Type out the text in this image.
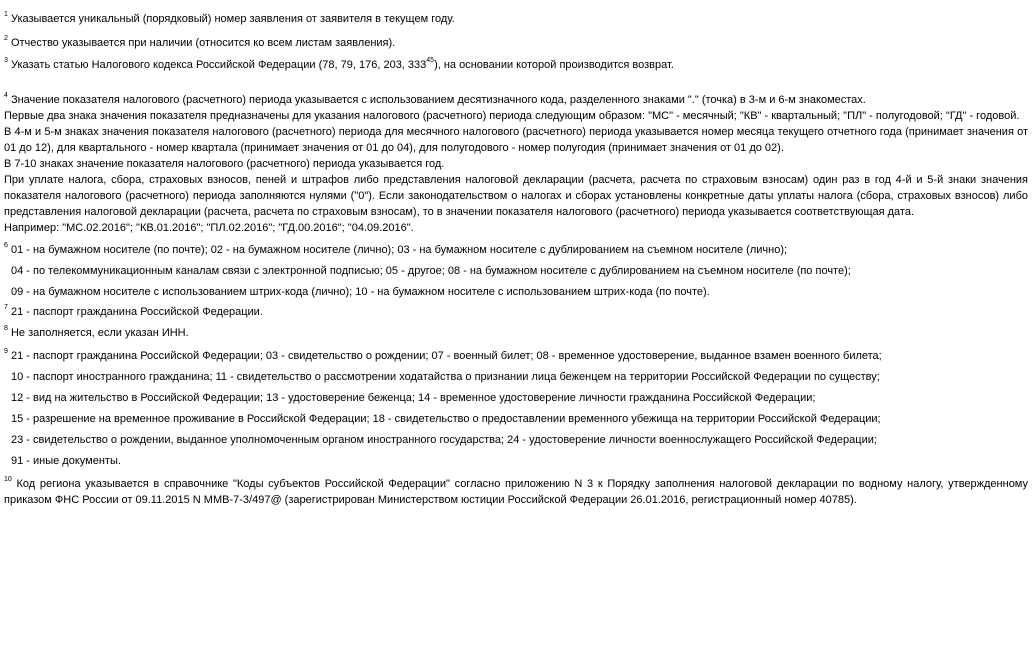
$^1$ Указывается уникальный (порядковый) номер заявления от заявителя в текущем году.

$^2$ Отчество указывается при наличии (относится ко всем листам заявления).

$^3$ Указать статью Налогового кодекса Российской Федерации (78, 79, 176, 203, $333^{45}$), на основании которой производится возврат.

$^4$ Значение показателя налогового (расчетного) периода указывается с использованием десятизначного кода, разделенного знаками "." (точка) в 3-м и 6-м знакоместах.
Первые два знака значения показателя предназначены для указания налогового (расчетного) периода следующим образом: "МС" - месячный; "КВ" - квартальный; "ПЛ" - полугодовой; "ГД" - годовой.
В 4-м и 5-м знаках значения показателя налогового (расчетного) периода для месячного налогового (расчетного) периода указывается номер месяца текущего отчетного года (принимает значения от 01 до 12), для квартального - номер квартала (принимает значения от 01 до 04), для полугодового - номер полугодия (принимает значения от 01 до 02).
В 7-10 знаках значение показателя налогового (расчетного) периода указывается год.
При уплате налога, сбора, страховых взносов, пеней и штрафов либо представления налоговой декларации (расчета, расчета по страховым взносам) один раз в год 4-й и 5-й знаки значения показателя налогового (расчетного) периода заполняются нулями ("0"). Если законодательством о налогах и сборах установлены конкретные даты уплаты налога (сбора, страховых взносов) либо представления налоговой декларации (расчета, расчета по страховым взносам), то в значении показателя налогового (расчетного) периода указывается соответствующая дата.
Например: "МС.02.2016"; "КВ.01.2016"; "ПЛ.02.2016"; "ГД.00.2016"; "04.09.2016".
$^6$ 01 - на бумажном носителе (по почте); 02 - на бумажном носителе (лично); 03 - на бумажном носителе с дублированием на съемном носителе (лично);
04 - по телекоммуникационным каналам связи с электронной подписью; 05 - другое; 08 - на бумажном носителе с дублированием на съемном носителе (по почте);
09 - на бумажном носителе с использованием штрих-кода (лично); 10 - на бумажном носителе с использованием штрих-кода (по почте).

$^7$ 21 - паспорт гражданина Российской Федерации.

$^8$ Не заполняется, если указан ИНН.

$^9$ 21 - паспорт гражданина Российской Федерации; 03 - свидетельство о рождении; 07 - военный билет; 08 - временное удостоверение, выданное взамен военного билета;
10 - паспорт иностранного гражданина; 11 - свидетельство о рассмотрении ходатайства о признании лица беженцем на территории Российской Федерации по существу;
12 - вид на жительство в Российской Федерации; 13 - удостоверение беженца; 14 - временное удостоверение личности гражданина Российской Федерации;
15 - разрешение на временное проживание в Российской Федерации; 18 - свидетельство о предоставлении временного убежища на территории Российской Федерации;
23 - свидетельство о рождении, выданное уполномоченным органом иностранного государства; 24 - удостоверение личности военнослужащего Российской Федерации;
91 - иные документы.

$^{10}$ Код региона указывается в справочнике "Коды субъектов Российской Федерации" согласно приложению N 3 к Порядку заполнения налоговой декларации по водному налогу, утвержденному приказом ФНС России от 09.11.2015 N ММВ-7-3/497@ (зарегистрирован Министерством юстиции Российской Федерации 26.01.2016, регистрационный номер 40785).
